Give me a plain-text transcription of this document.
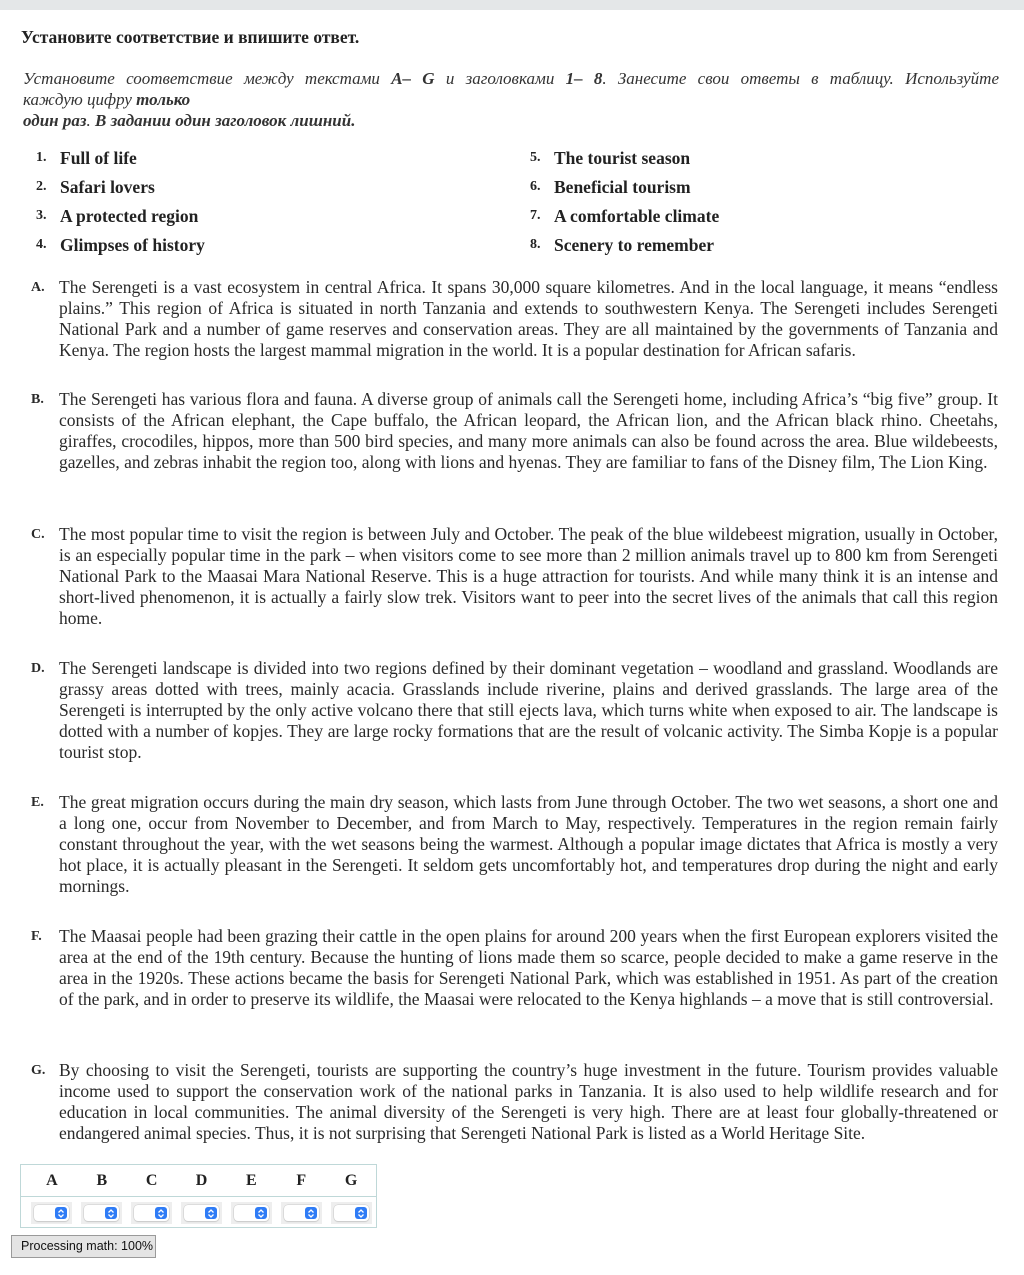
Установите соответствие и впишите ответ.
Установите соответствие между текстами A– G и заголовками 1– 8. Занесите свои ответы в таблицу. Используйте
каждую цифру только
один раз. В задании один заголовок лишний.
1. Full of life
2. Safari lovers
3. A protected region
4. Glimpses of history
5. The tourist season
6. Beneficial tourism
7. A comfortable climate
8. Scenery to remember
A. The Serengeti is a vast ecosystem in central Africa. It spans 30,000 square kilometres. And in the local language, it means “endless plains.” This region of Africa is situated in north Tanzania and extends to southwestern Kenya. The Serengeti includes Serengeti National Park and a number of game reserves and conservation areas. They are all maintained by the governments of Tanzania and Kenya. The region hosts the largest mammal migration in the world. It is a popular destination for African safaris.
B. The Serengeti has various flora and fauna. A diverse group of animals call the Serengeti home, including Africa’s “big five” group. It consists of the African elephant, the Cape buffalo, the African leopard, the African lion, and the African black rhino. Cheetahs, giraffes, crocodiles, hippos, more than 500 bird species, and many more animals can also be found across the area. Blue wildebeests, gazelles, and zebras inhabit the region too, along with lions and hyenas. They are familiar to fans of the Disney film, The Lion King.
C. The most popular time to visit the region is between July and October. The peak of the blue wildebeest migration, usually in October, is an especially popular time in the park – when visitors come to see more than 2 million animals travel up to 800 km from Serengeti National Park to the Maasai Mara National Reserve. This is a huge attraction for tourists. And while many think it is an intense and short-lived phenomenon, it is actually a fairly slow trek. Visitors want to peer into the secret lives of the animals that call this region home.
D. The Serengeti landscape is divided into two regions defined by their dominant vegetation – woodland and grassland. Woodlands are grassy areas dotted with trees, mainly acacia. Grasslands include riverine, plains and derived grasslands. The large area of the Serengeti is interrupted by the only active volcano there that still ejects lava, which turns white when exposed to air. The landscape is dotted with a number of kopjes. They are large rocky formations that are the result of volcanic activity. The Simba Kopje is a popular tourist stop.
E. The great migration occurs during the main dry season, which lasts from June through October. The two wet seasons, a short one and a long one, occur from November to December, and from March to May, respectively. Temperatures in the region remain fairly constant throughout the year, with the wet seasons being the warmest. Although a popular image dictates that Africa is mostly a very hot place, it is actually pleasant in the Serengeti. It seldom gets uncomfortably hot, and temperatures drop during the night and early mornings.
F. The Maasai people had been grazing their cattle in the open plains for around 200 years when the first European explorers visited the area at the end of the 19th century. Because the hunting of lions made them so scarce, people decided to make a game reserve in the area in the 1920s. These actions became the basis for Serengeti National Park, which was established in 1951. As part of the creation of the park, and in order to preserve its wildlife, the Maasai were relocated to the Kenya highlands – a move that is still controversial.
G. By choosing to visit the Serengeti, tourists are supporting the country’s huge investment in the future. Tourism provides valuable income used to support the conservation work of the national parks in Tanzania. It is also used to help wildlife research and for education in local communities. The animal diversity of the Serengeti is very high. There are at least four globally-threatened or endangered animal species. Thus, it is not surprising that Serengeti National Park is listed as a World Heritage Site.
A	B	C	D	E	F	G
Processing math: 100%
